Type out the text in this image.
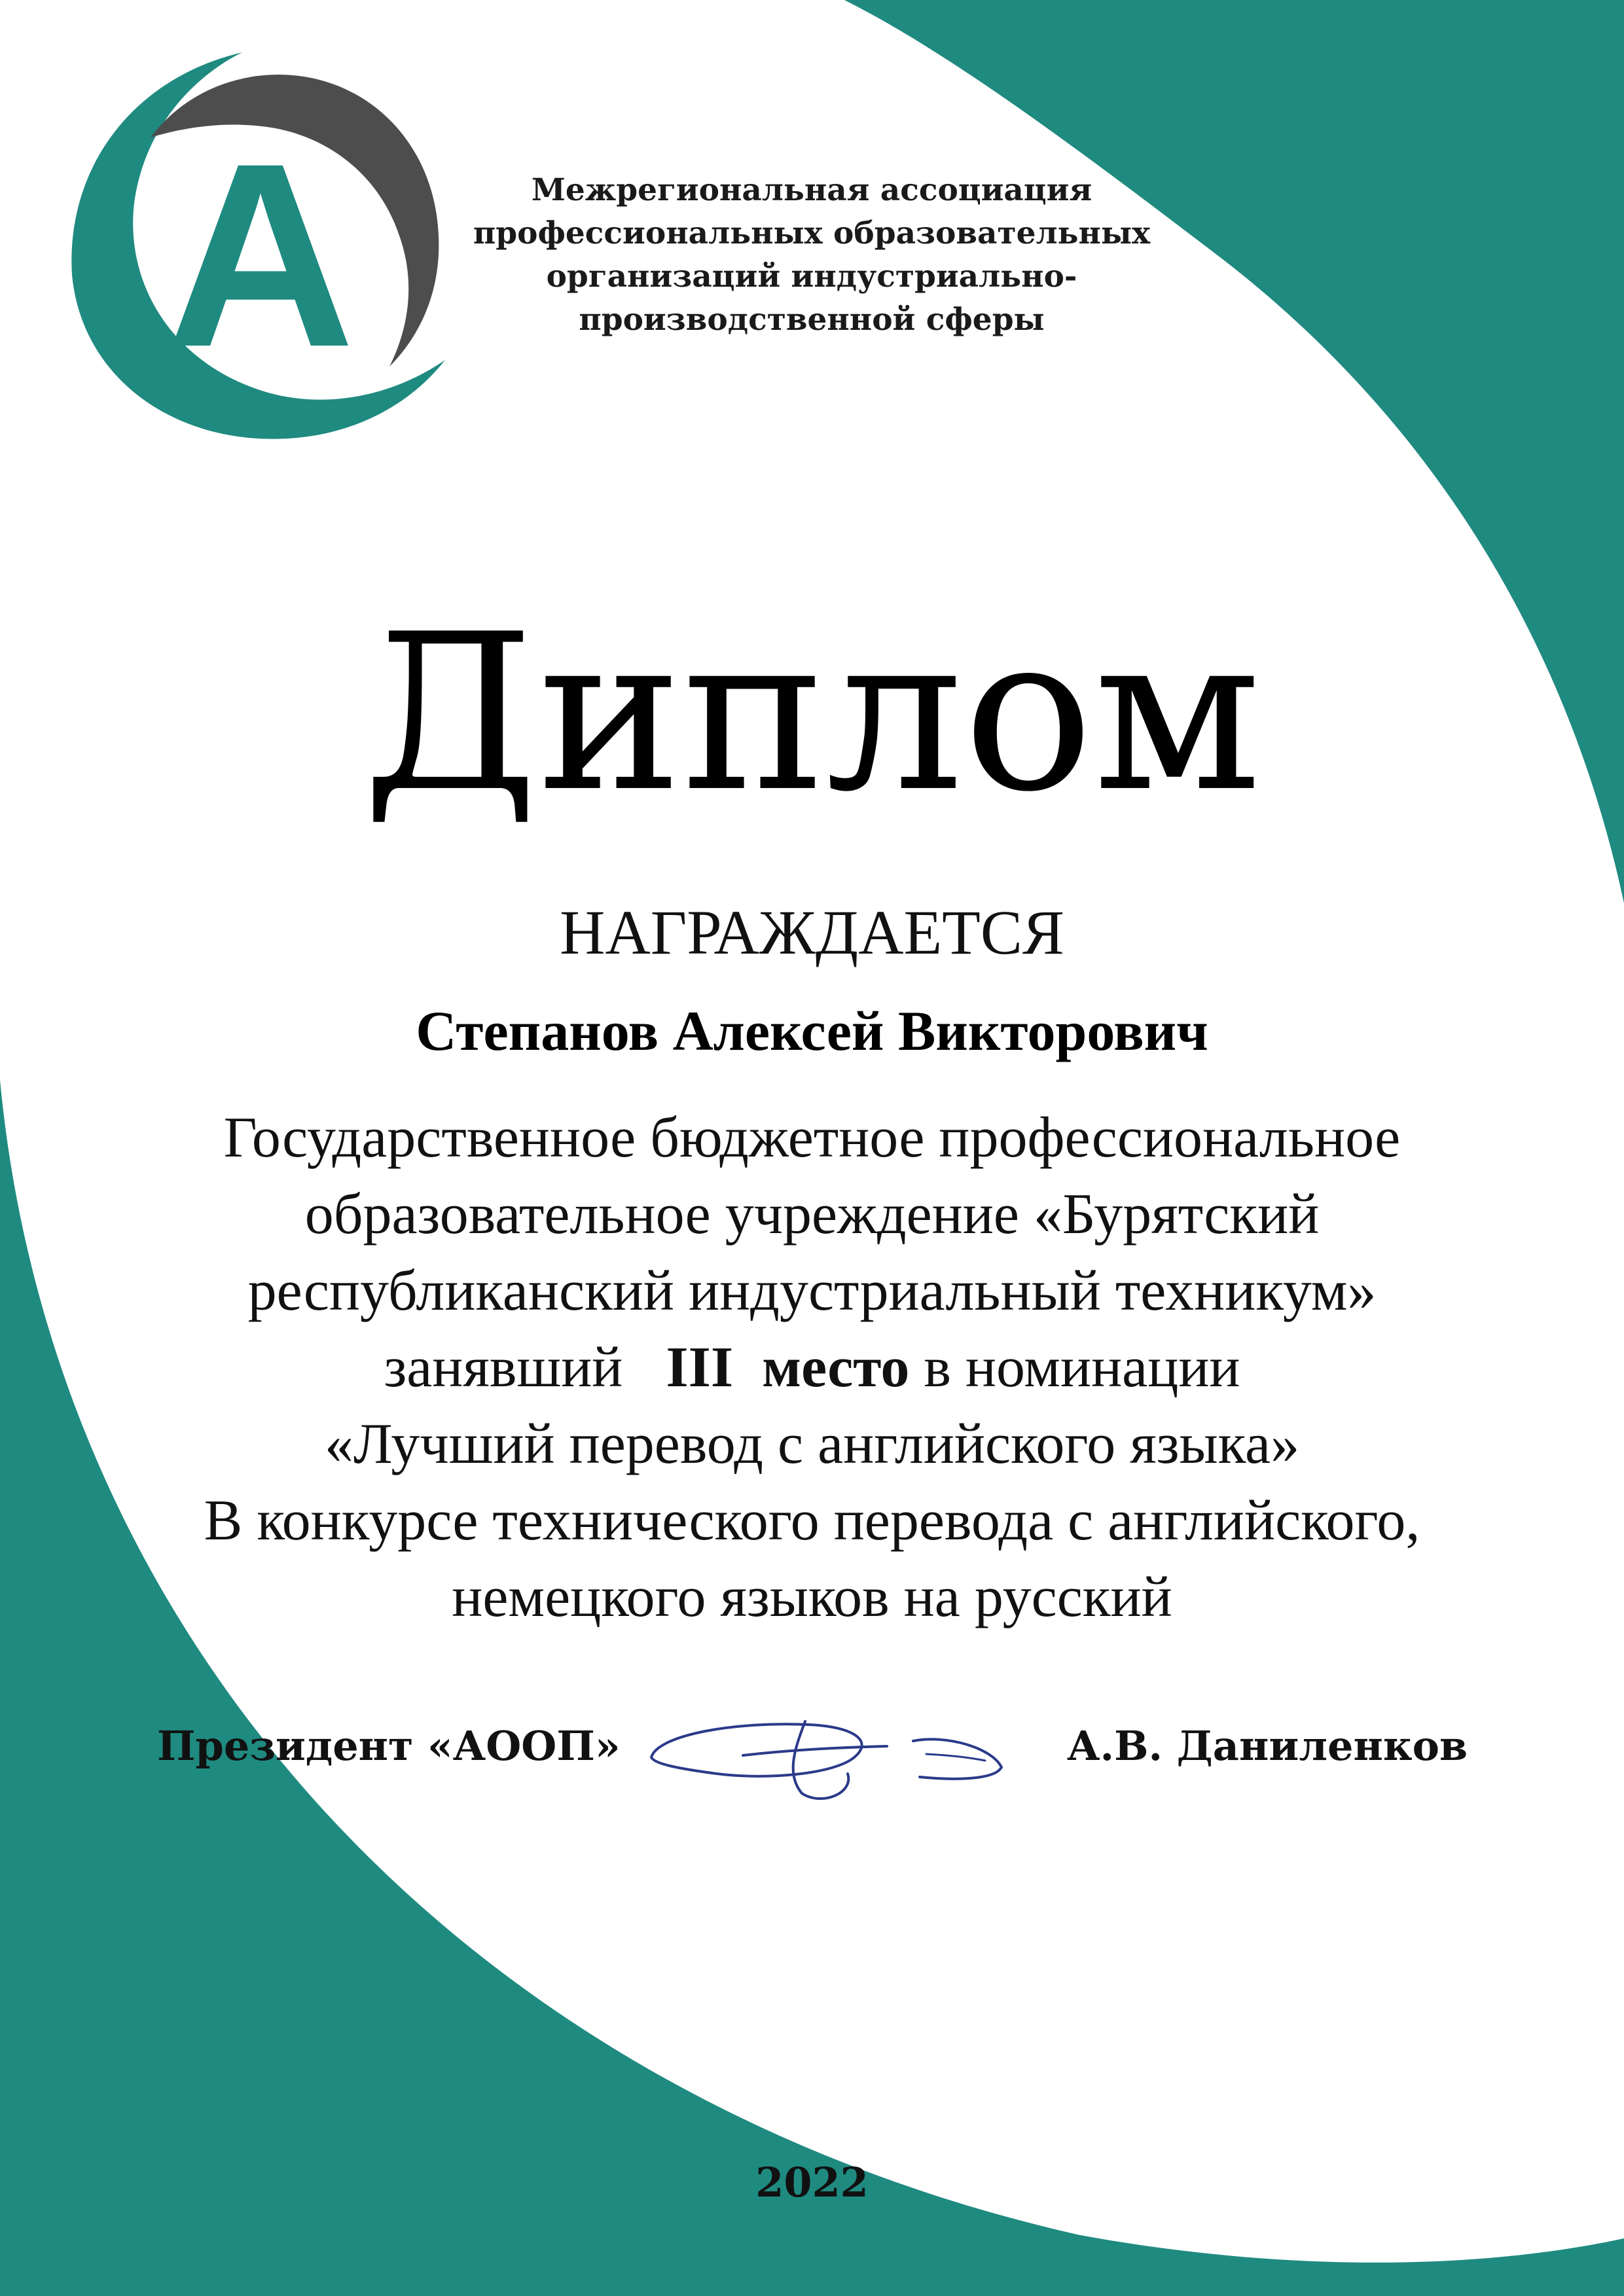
А	Межрегиональная ассоциация
профессиональных образовательных
организаций индустриально-
производственной сферы
Диплом
НАГРАЖДАЕТСЯ
Степанов Алексей Викторович
Государственное бюджетное профессиональное
образовательное учреждение «Бурятский
республиканский индустриальный техникум»
занявший III место в номинации
«Лучший перевод с английского языка»
В конкурсе технического перевода с английского,
немецкого языков на русский
Президент «АООП»	А.В. Даниленков
2022
